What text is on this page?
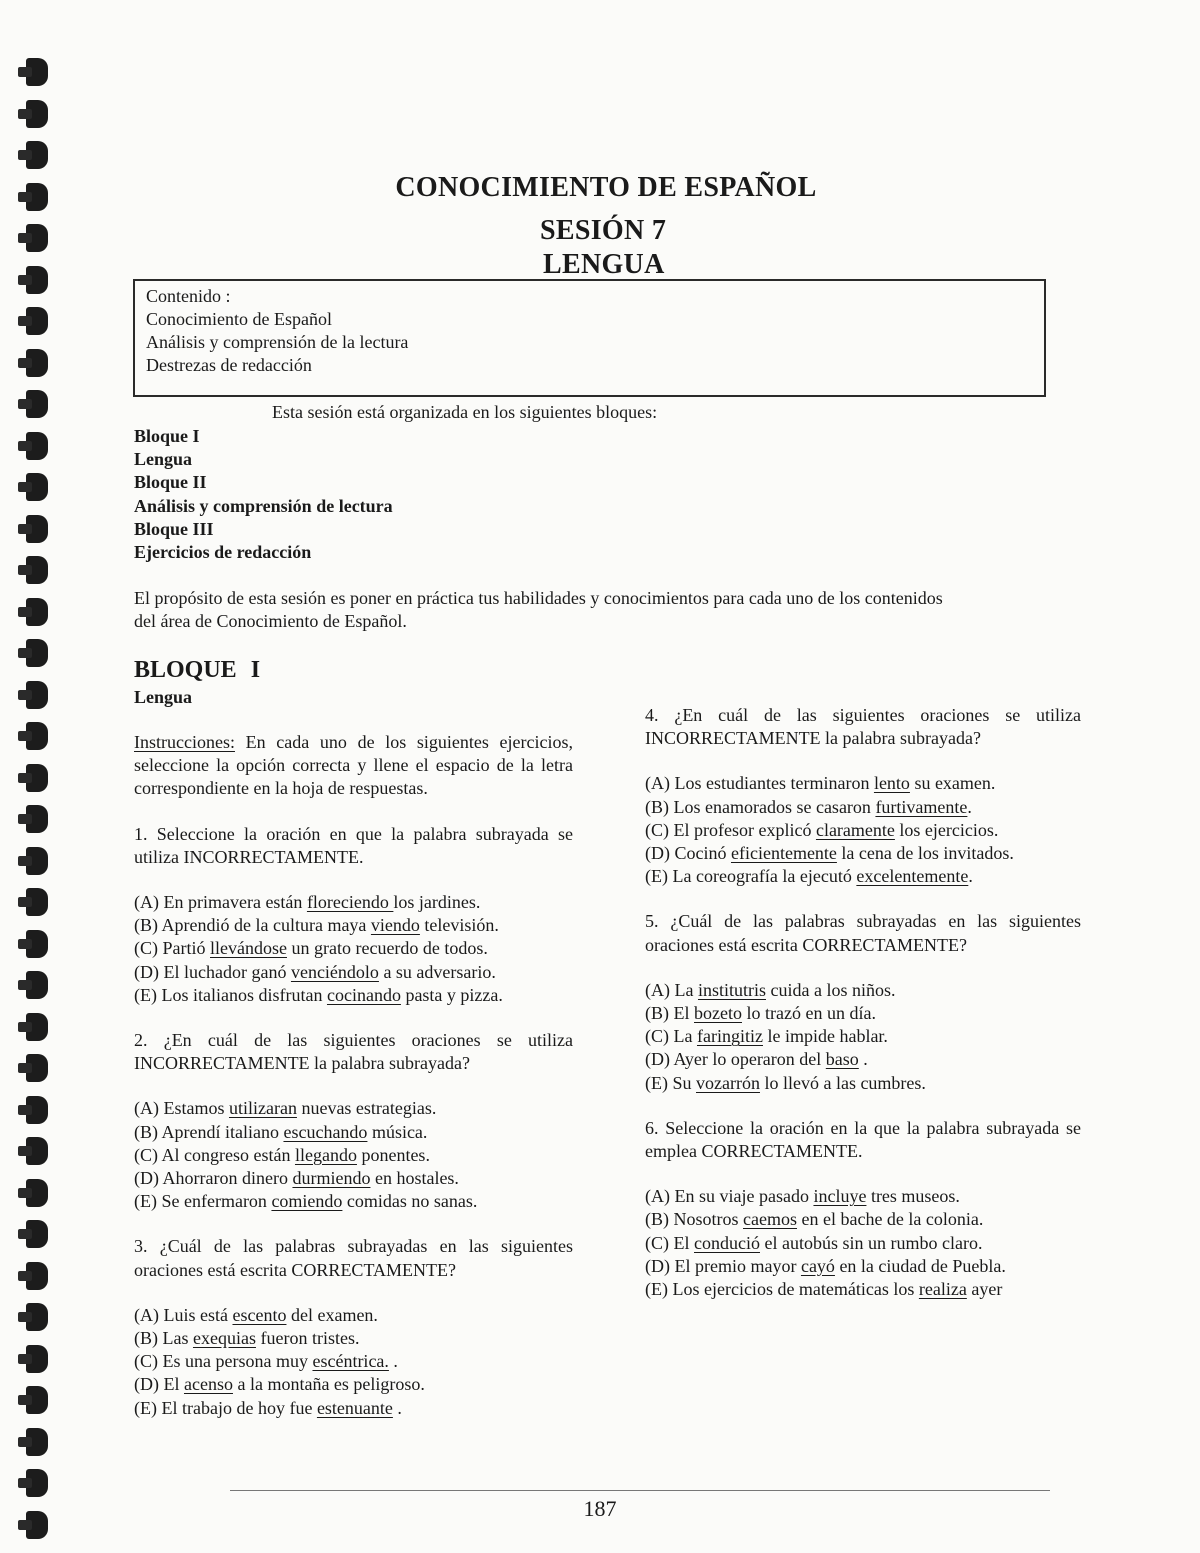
CONOCIMIENTO DE ESPAÑOL
SESIÓN 7
LENGUA
Contenido :
Conocimiento de Español
Análisis y comprensión de la lectura
Destrezas de redacción
Esta sesión está organizada en los siguientes bloques:
Bloque I
Lengua
Bloque II
Análisis y comprensión de lectura
Bloque III
Ejercicios de redacción
El propósito de esta sesión es poner en práctica tus habilidades y conocimientos para cada uno de los contenidos
del área de Conocimiento de Español.
BLOQUE I
Lengua
Instrucciones: En cada uno de los siguientes ejercicios, seleccione la opción correcta y llene el espacio de la letra correspondiente en la hoja de respuestas.
1. Seleccione la oración en que la palabra subrayada se utiliza INCORRECTAMENTE.
(A) En primavera están floreciendo los jardines.
(B) Aprendió de la cultura maya viendo televisión.
(C) Partió llevándose un grato recuerdo de todos.
(D) El luchador ganó venciéndolo a su adversario.
(E) Los italianos disfrutan cocinando pasta y pizza.
2. ¿En cuál de las siguientes oraciones se utiliza INCORRECTAMENTE la palabra subrayada?
(A) Estamos utilizaran nuevas estrategias.
(B) Aprendí italiano escuchando música.
(C) Al congreso están llegando ponentes.
(D) Ahorraron dinero durmiendo en hostales.
(E) Se enfermaron comiendo comidas no sanas.
3. ¿Cuál de las palabras subrayadas en las siguientes oraciones está escrita CORRECTAMENTE?
(A) Luis está escento del examen.
(B) Las exequias fueron tristes.
(C) Es una persona muy escéntrica. .
(D) El acenso a la montaña es peligroso.
(E) El trabajo de hoy fue estenuante .
4. ¿En cuál de las siguientes oraciones se utiliza INCORRECTAMENTE la palabra subrayada?
(A) Los estudiantes terminaron lento su examen.
(B) Los enamorados se casaron furtivamente.
(C) El profesor explicó claramente los ejercicios.
(D) Cocinó eficientemente la cena de los invitados.
(E) La coreografía la ejecutó excelentemente.
5. ¿Cuál de las palabras subrayadas en las siguientes oraciones está escrita CORRECTAMENTE?
(A) La institutris cuida a los niños.
(B) El bozeto lo trazó en un día.
(C) La faringitiz le impide hablar.
(D) Ayer lo operaron del baso .
(E) Su vozarrón lo llevó a las cumbres.
6. Seleccione la oración en la que la palabra subrayada se emplea CORRECTAMENTE.
(A) En su viaje pasado incluye tres museos.
(B) Nosotros caemos en el bache de la colonia.
(C) El condució el autobús sin un rumbo claro.
(D) El premio mayor cayó en la ciudad de Puebla.
(E) Los ejercicios de matemáticas los realiza ayer
187
